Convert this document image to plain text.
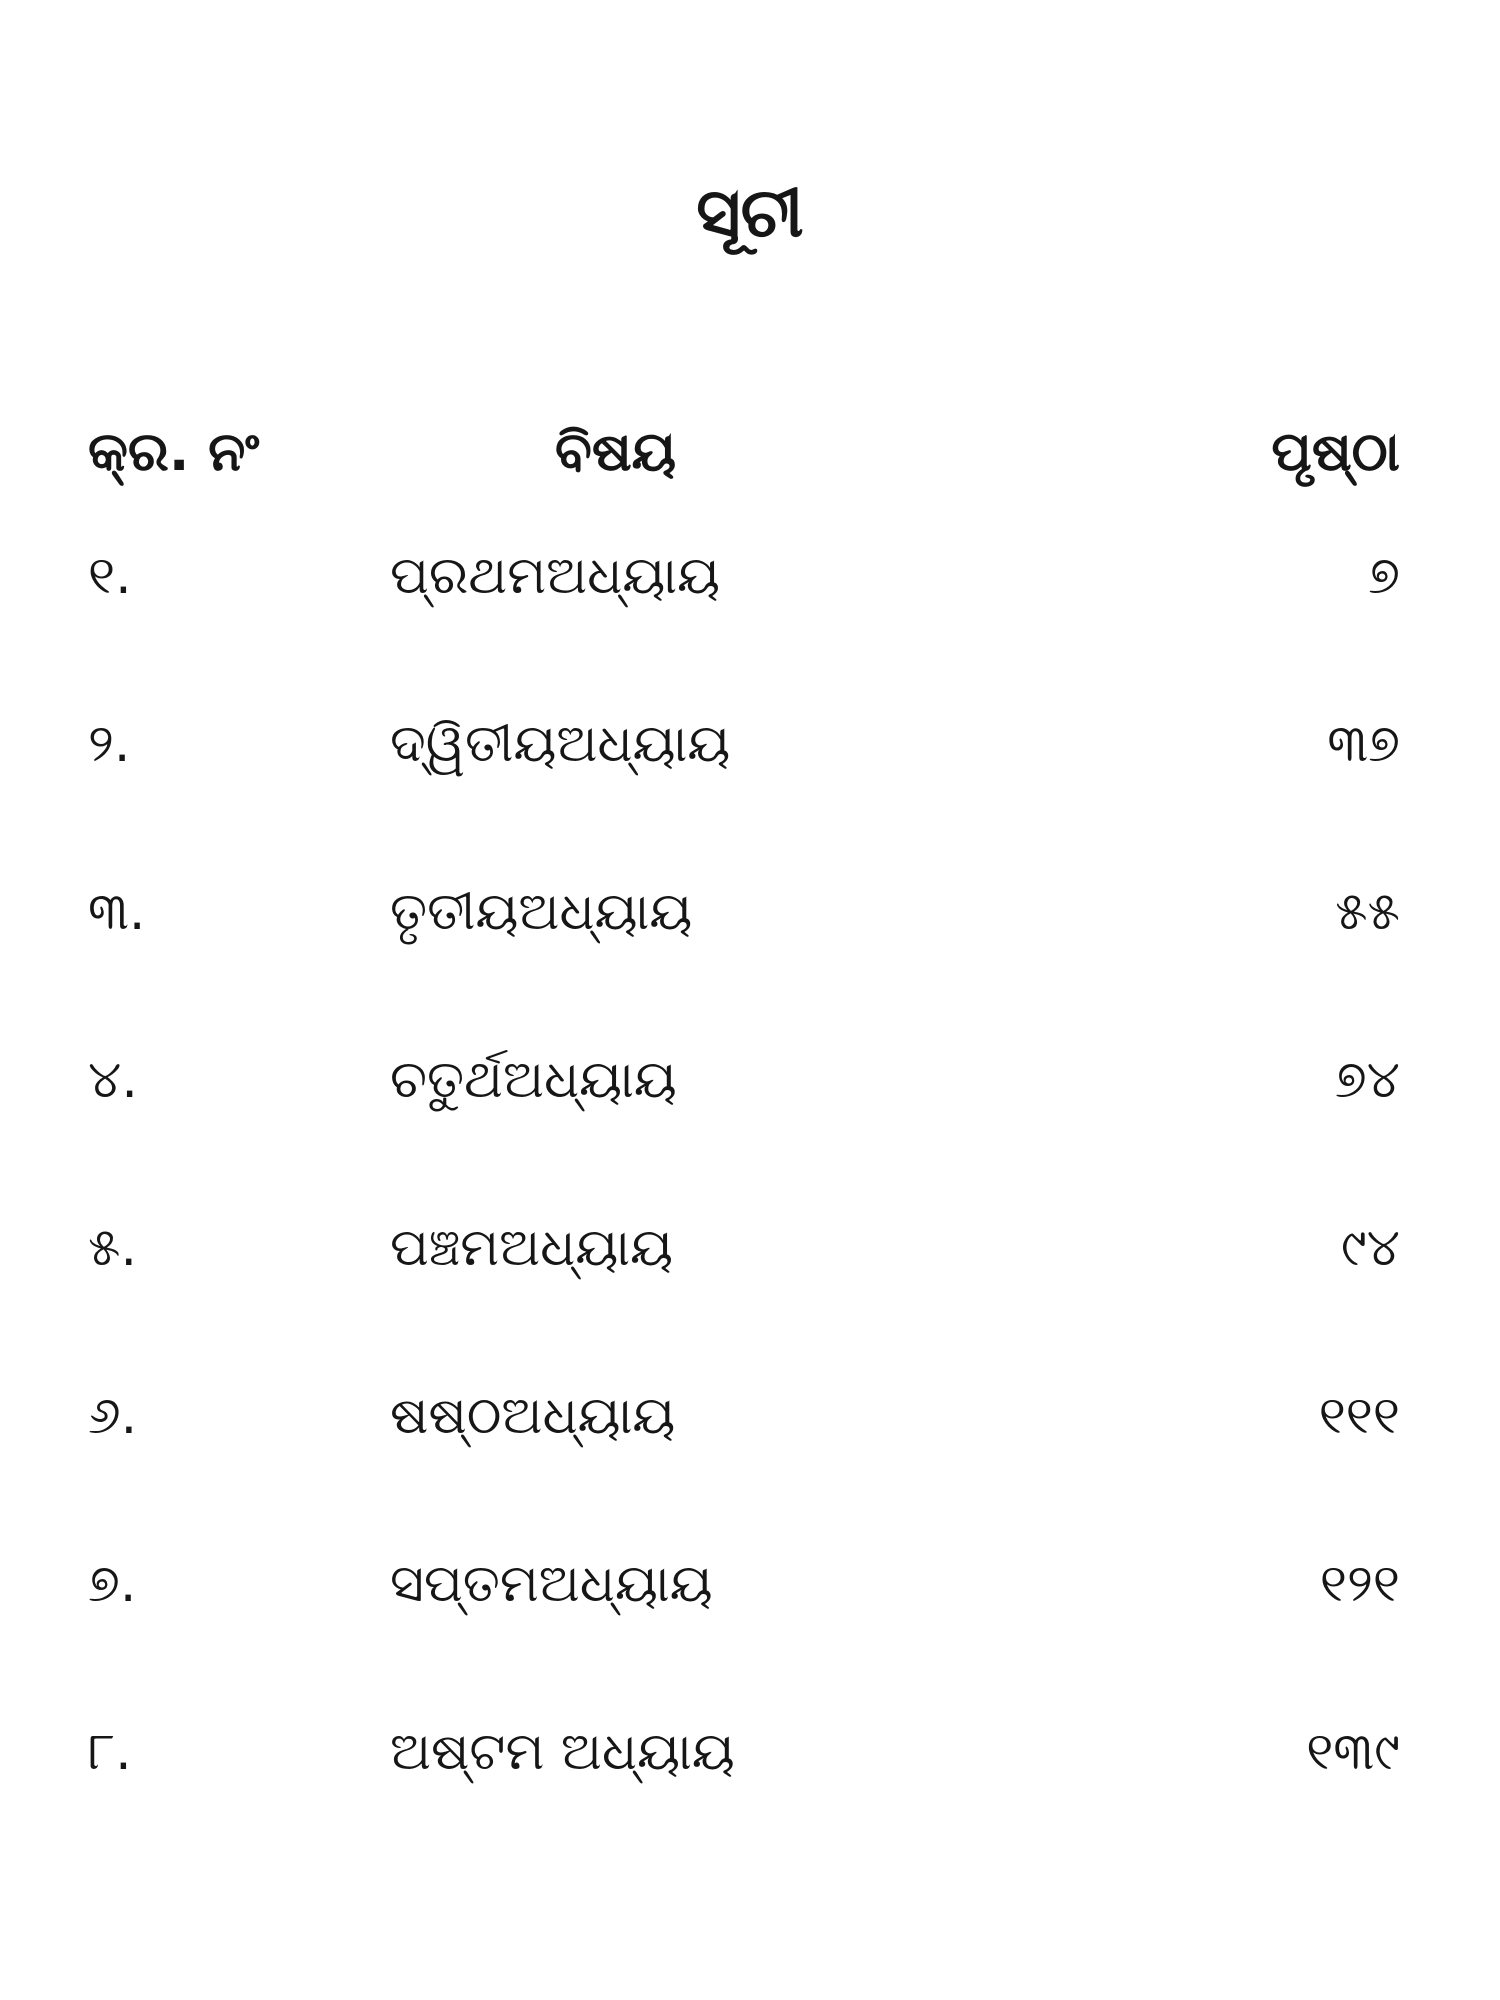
ସୂଚୀ
କ୍ର. ନଂ	ବିଷୟ	ପୃଷ୍ଠା
୧.	ପ୍ରଥମଅଧ୍ୟାୟ	୭
୨.	ଦ୍ୱିତୀୟଅଧ୍ୟାୟ	୩୭
୩.	ତୃତୀୟଅଧ୍ୟାୟ	୫୫
୪.	ଚତୁର୍ଥଅଧ୍ୟାୟ	୭୪
୫.	ପଞ୍ଚମଅଧ୍ୟାୟ	୯୪
୬.	ଷଷ୍ଠଅଧ୍ୟାୟ	୧୧୧
୭.	ସପ୍ତମଅଧ୍ୟାୟ	୧୨୧
୮.	ଅଷ୍ଟମ ଅଧ୍ୟାୟ	୧୩୯
